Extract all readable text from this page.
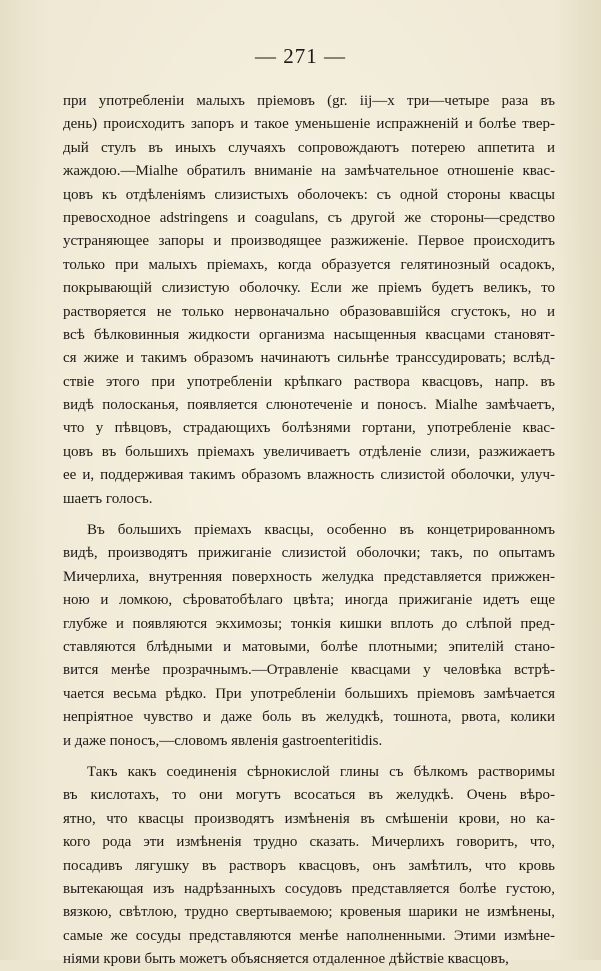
— 271 —
при употребленіи малыхъ пріемовъ (gr. iij—x три—четыре раза въ
день) происходитъ запоръ и такое уменьшеніе испражненій и болѣе твер-
дый стулъ въ иныхъ случаяхъ сопровождаютъ потерею аппетита и
жаждою.—Mialhe обратилъ вниманіе на замѣчательное отношеніе квас-
цовъ къ отдѣленіямъ слизистыхъ оболочекъ: съ одной стороны квасцы
превосходное adstringens и coagulans, съ другой же стороны—средство
устраняющее запоры и производящее разжиженіе. Первое происходитъ
только при малыхъ пріемахъ, когда образуется гелятинозный осадокъ,
покрывающій слизистую оболочку. Если же пріемъ будетъ великъ, то
растворяется не только нервоначально образовавшійся сгустокъ, но и
всѣ бѣлковинныя жидкости организма насыщенныя квасцами становят-
ся жиже и такимъ образомъ начинаютъ сильнѣе транссудировать; вслѣд-
ствіе этого при употребленіи крѣпкаго раствора квасцовъ, напр. въ
видѣ полосканья, появляется слюнотеченіе и поносъ. Mialhe замѣчаетъ,
что у пѣвцовъ, страдающихъ болѣзнями гортани, употребленіе квас-
цовъ въ большихъ пріемахъ увеличиваетъ отдѣленіе слизи, разжижаетъ
ее и, поддерживая такимъ образомъ влажность слизистой оболочки, улуч-
шаетъ голосъ.
Въ большихъ пріемахъ квасцы, особенно въ концетрированномъ
видѣ, производятъ прижиганіе слизистой оболочки; такъ, по опытамъ
Мичерлиха, внутренняя поверхность желудка представляется прижжен-
ною и ломкою, сѣроватобѣлаго цвѣта; иногда прижиганіе идетъ еще
глубже и появляются экхимозы; тонкія кишки вплоть до слѣпой пред-
ставляются блѣдными и матовыми, болѣе плотными; эпителій стано-
вится менѣе прозрачнымъ.—Отравленіе квасцами у человѣка встрѣ-
чается весьма рѣдко. При употребленіи большихъ пріемовъ замѣчается
непріятное чувство и даже боль въ желудкѣ, тошнота, рвота, колики
и даже поносъ,—словомъ явленія gastroenteritidis.
Такъ какъ соединенія сѣрнокислой глины съ бѣлкомъ растворимы
въ кислотахъ, то они могутъ всосаться въ желудкѣ. Очень вѣро-
ятно, что квасцы производятъ измѣненія въ смѣшеніи крови, но ка-
кого рода эти измѣненія трудно сказать. Мичерлихъ говоритъ, что,
посадивъ лягушку въ растворъ квасцовъ, онъ замѣтилъ, что кровь
вытекающая изъ надрѣзанныхъ сосудовъ представляется болѣе густою,
вязкою, свѣтлою, трудно свертываемою; кровеныя шарики не измѣнены,
самые же сосуды представляются менѣе наполненными. Этими измѣне-
ніями крови быть можетъ объясняется отдаленное дѣйствіе квасцовъ,
